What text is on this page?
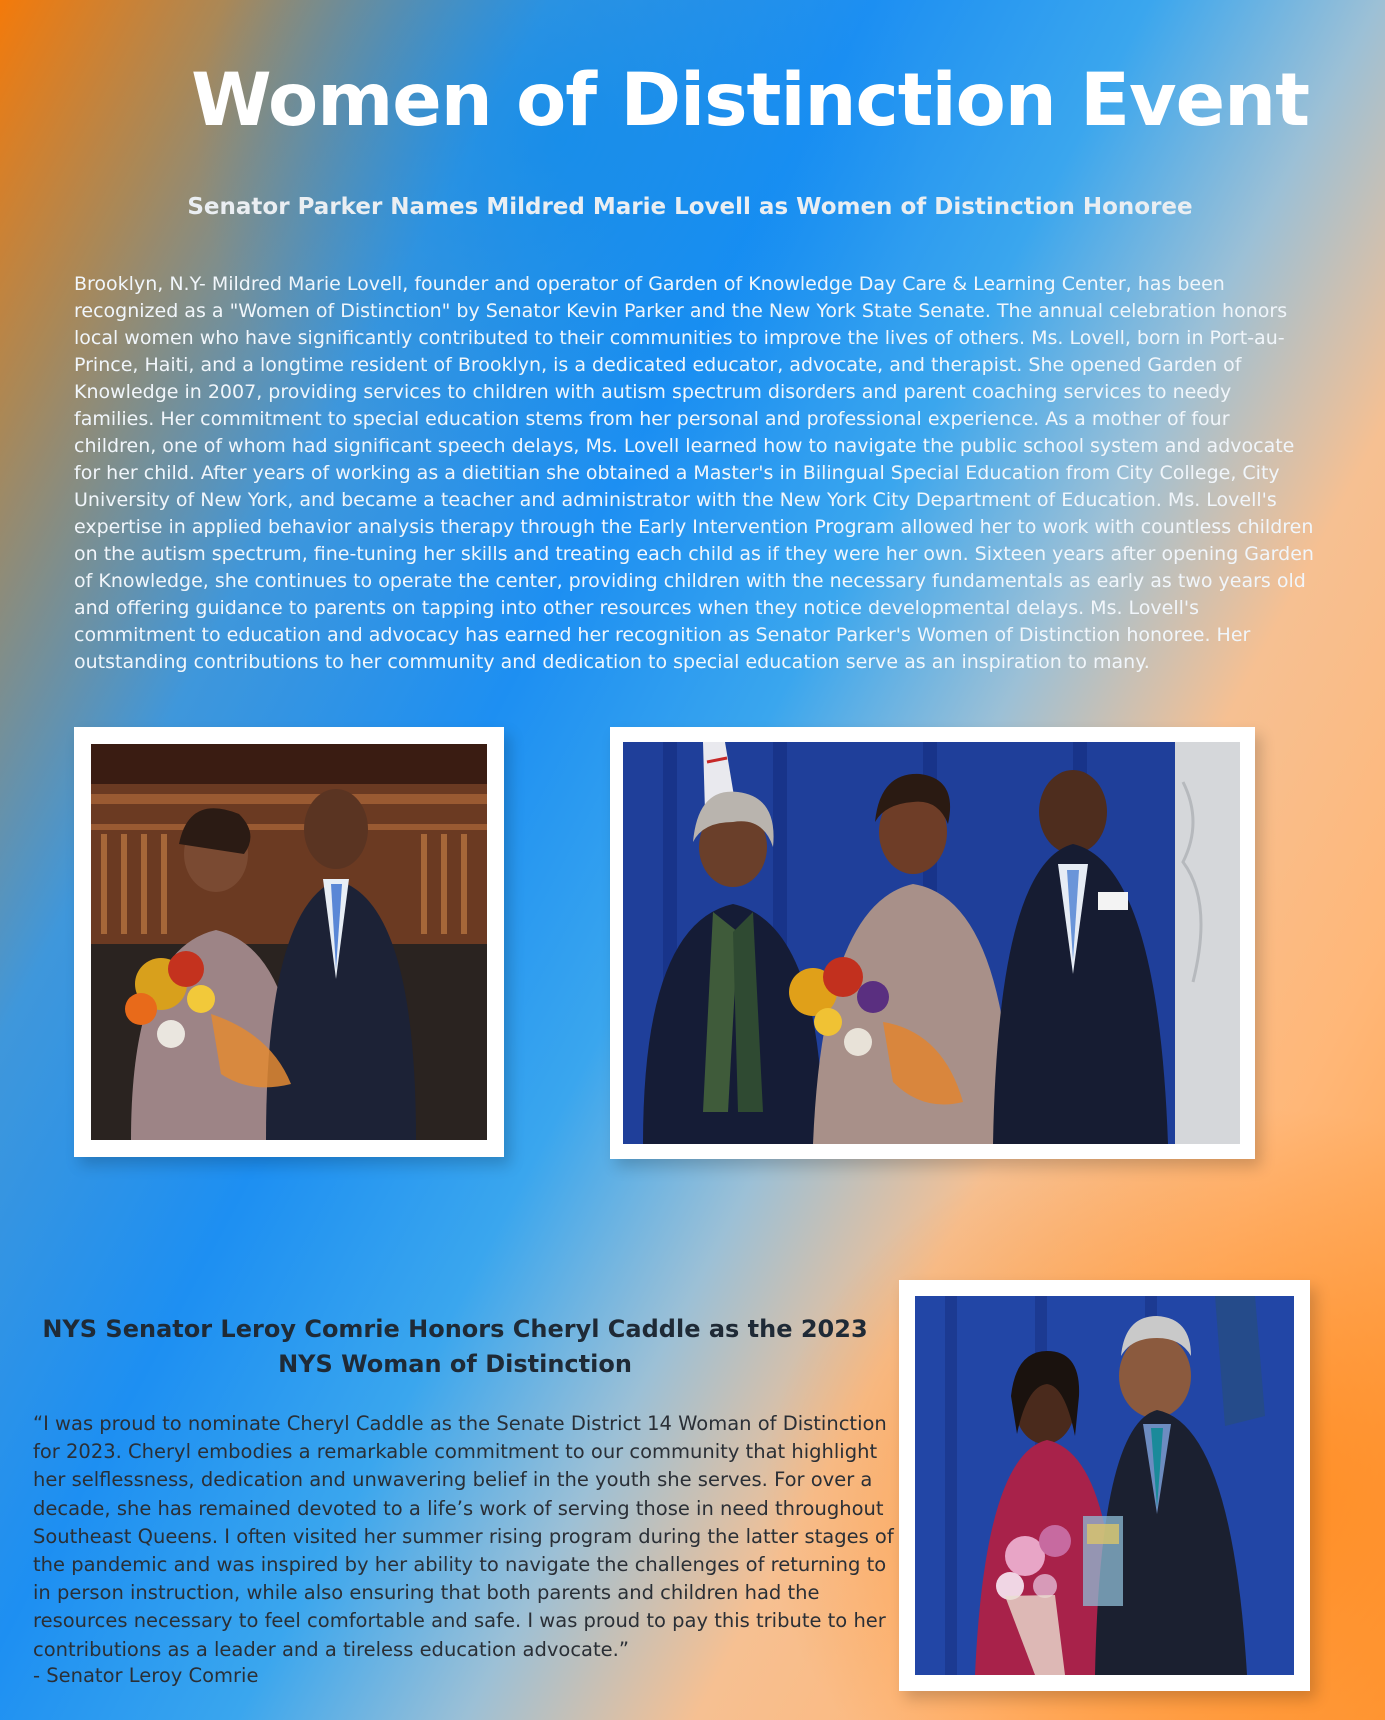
Women of Distinction Event
Senator Parker Names Mildred Marie Lovell as Women of Distinction Honoree

Brooklyn, N.Y- Mildred Marie Lovell, founder and operator of Garden of Knowledge Day Care & Learning Center, has been recognized as a "Women of Distinction" by Senator Kevin Parker and the New York State Senate. The annual celebration honors local women who have significantly contributed to their communities to improve the lives of others. Ms. Lovell, born in Port-au-Prince, Haiti, and a longtime resident of Brooklyn, is a dedicated educator, advocate, and therapist. She opened Garden of Knowledge in 2007, providing services to children with autism spectrum disorders and parent coaching services to needy families. Her commitment to special education stems from her personal and professional experience. As a mother of four children, one of whom had significant speech delays, Ms. Lovell learned how to navigate the public school system and advocate for her child. After years of working as a dietitian she obtained a Master's in Bilingual Special Education from City College, City University of New York, and became a teacher and administrator with the New York City Department of Education. Ms. Lovell's expertise in applied behavior analysis therapy through the Early Intervention Program allowed her to work with countless children on the autism spectrum, fine-tuning her skills and treating each child as if they were her own. Sixteen years after opening Garden of Knowledge, she continues to operate the center, providing children with the necessary fundamentals as early as two years old and offering guidance to parents on tapping into other resources when they notice developmental delays. Ms. Lovell's commitment to education and advocacy has earned her recognition as Senator Parker's Women of Distinction honoree. Her outstanding contributions to her community and dedication to special education serve as an inspiration to many.

NYS Senator Leroy Comrie Honors Cheryl Caddle as the 2023 NYS Woman of Distinction

“I was proud to nominate Cheryl Caddle as the Senate District 14 Woman of Distinction for 2023. Cheryl embodies a remarkable commitment to our community that highlight her selflessness, dedication and unwavering belief in the youth she serves. For over a decade, she has remained devoted to a life’s work of serving those in need throughout Southeast Queens. I often visited her summer rising program during the latter stages of the pandemic and was inspired by her ability to navigate the challenges of returning to in person instruction, while also ensuring that both parents and children had the resources necessary to feel comfortable and safe. I was proud to pay this tribute to her contributions as a leader and a tireless education advocate.”

- Senator Leroy Comrie
